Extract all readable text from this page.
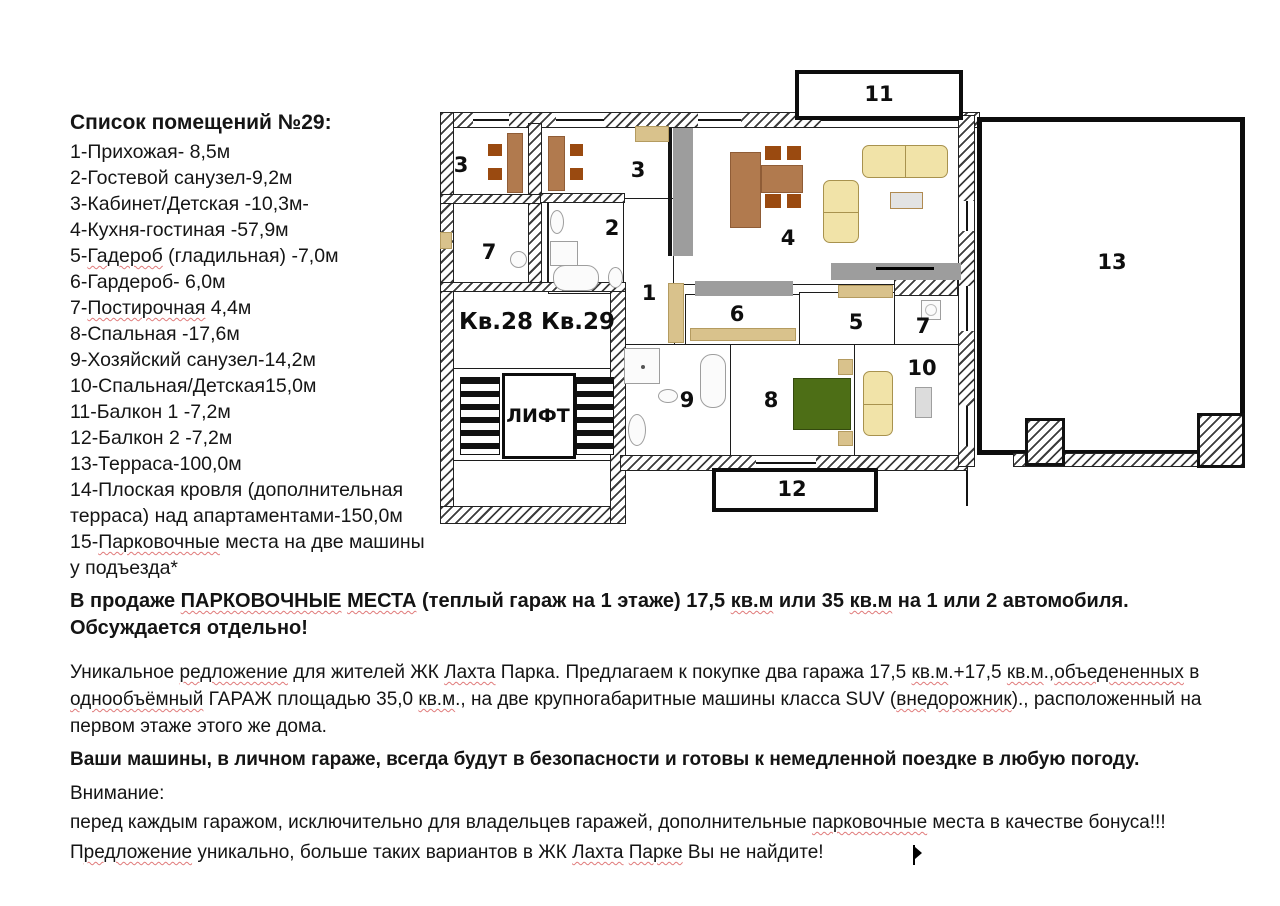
Список помещений №29:
1-Прихожая- 8,5м
2-Гостевой санузел-9,2м
3-Кабинет/Детская -10,3м-
4-Кухня-гостиная -57,9м
5-Гадероб (гладильная) -7,0м
6-Гардероб- 6,0м
7-Постирочная 4,4м
8-Спальная -17,6м
9-Хозяйский санузел-14,2м
10-Спальная/Детская15,0м
11-Балкон 1 -7,2м
12-Балкон 2 -7,2м
13-Терраса-100,0м
14-Плоская кровля (дополнительная терраса) над апартаментами-150,0м
15-Парковочные места на две машины у подъезда*
3
7
3
2
1
4
6	5 7
9	8
10
11
12
13
Кв.28 Кв.29
ЛИФТ
В продаже ПАРКОВОЧНЫЕ МЕСТА (теплый гараж на 1 этаже) 17,5 кв.м или 35 кв.м на 1 или 2 автомобиля.
Обсуждается отдельно!
Уникальное редложение для жителей ЖК Лахта Парка. Предлагаем к покупке два гаража 17,5 кв.м.+17,5 кв.м.,объедененных в однообъёмный ГАРАЖ площадью 35,0 кв.м., на две крупногабаритные машины класса SUV (внедорожник)., расположенный на первом этаже этого же дома.
Ваши машины, в личном гараже, всегда будут в безопасности и готовы к немедленной поездке в любую погоду.
Внимание:
перед каждым гаражом, исключительно для владельцев гаражей, дополнительные парковочные места в качестве бонуса!!!
Предложение уникально, больше таких вариантов в ЖК Лахта Парке Вы не найдите!
